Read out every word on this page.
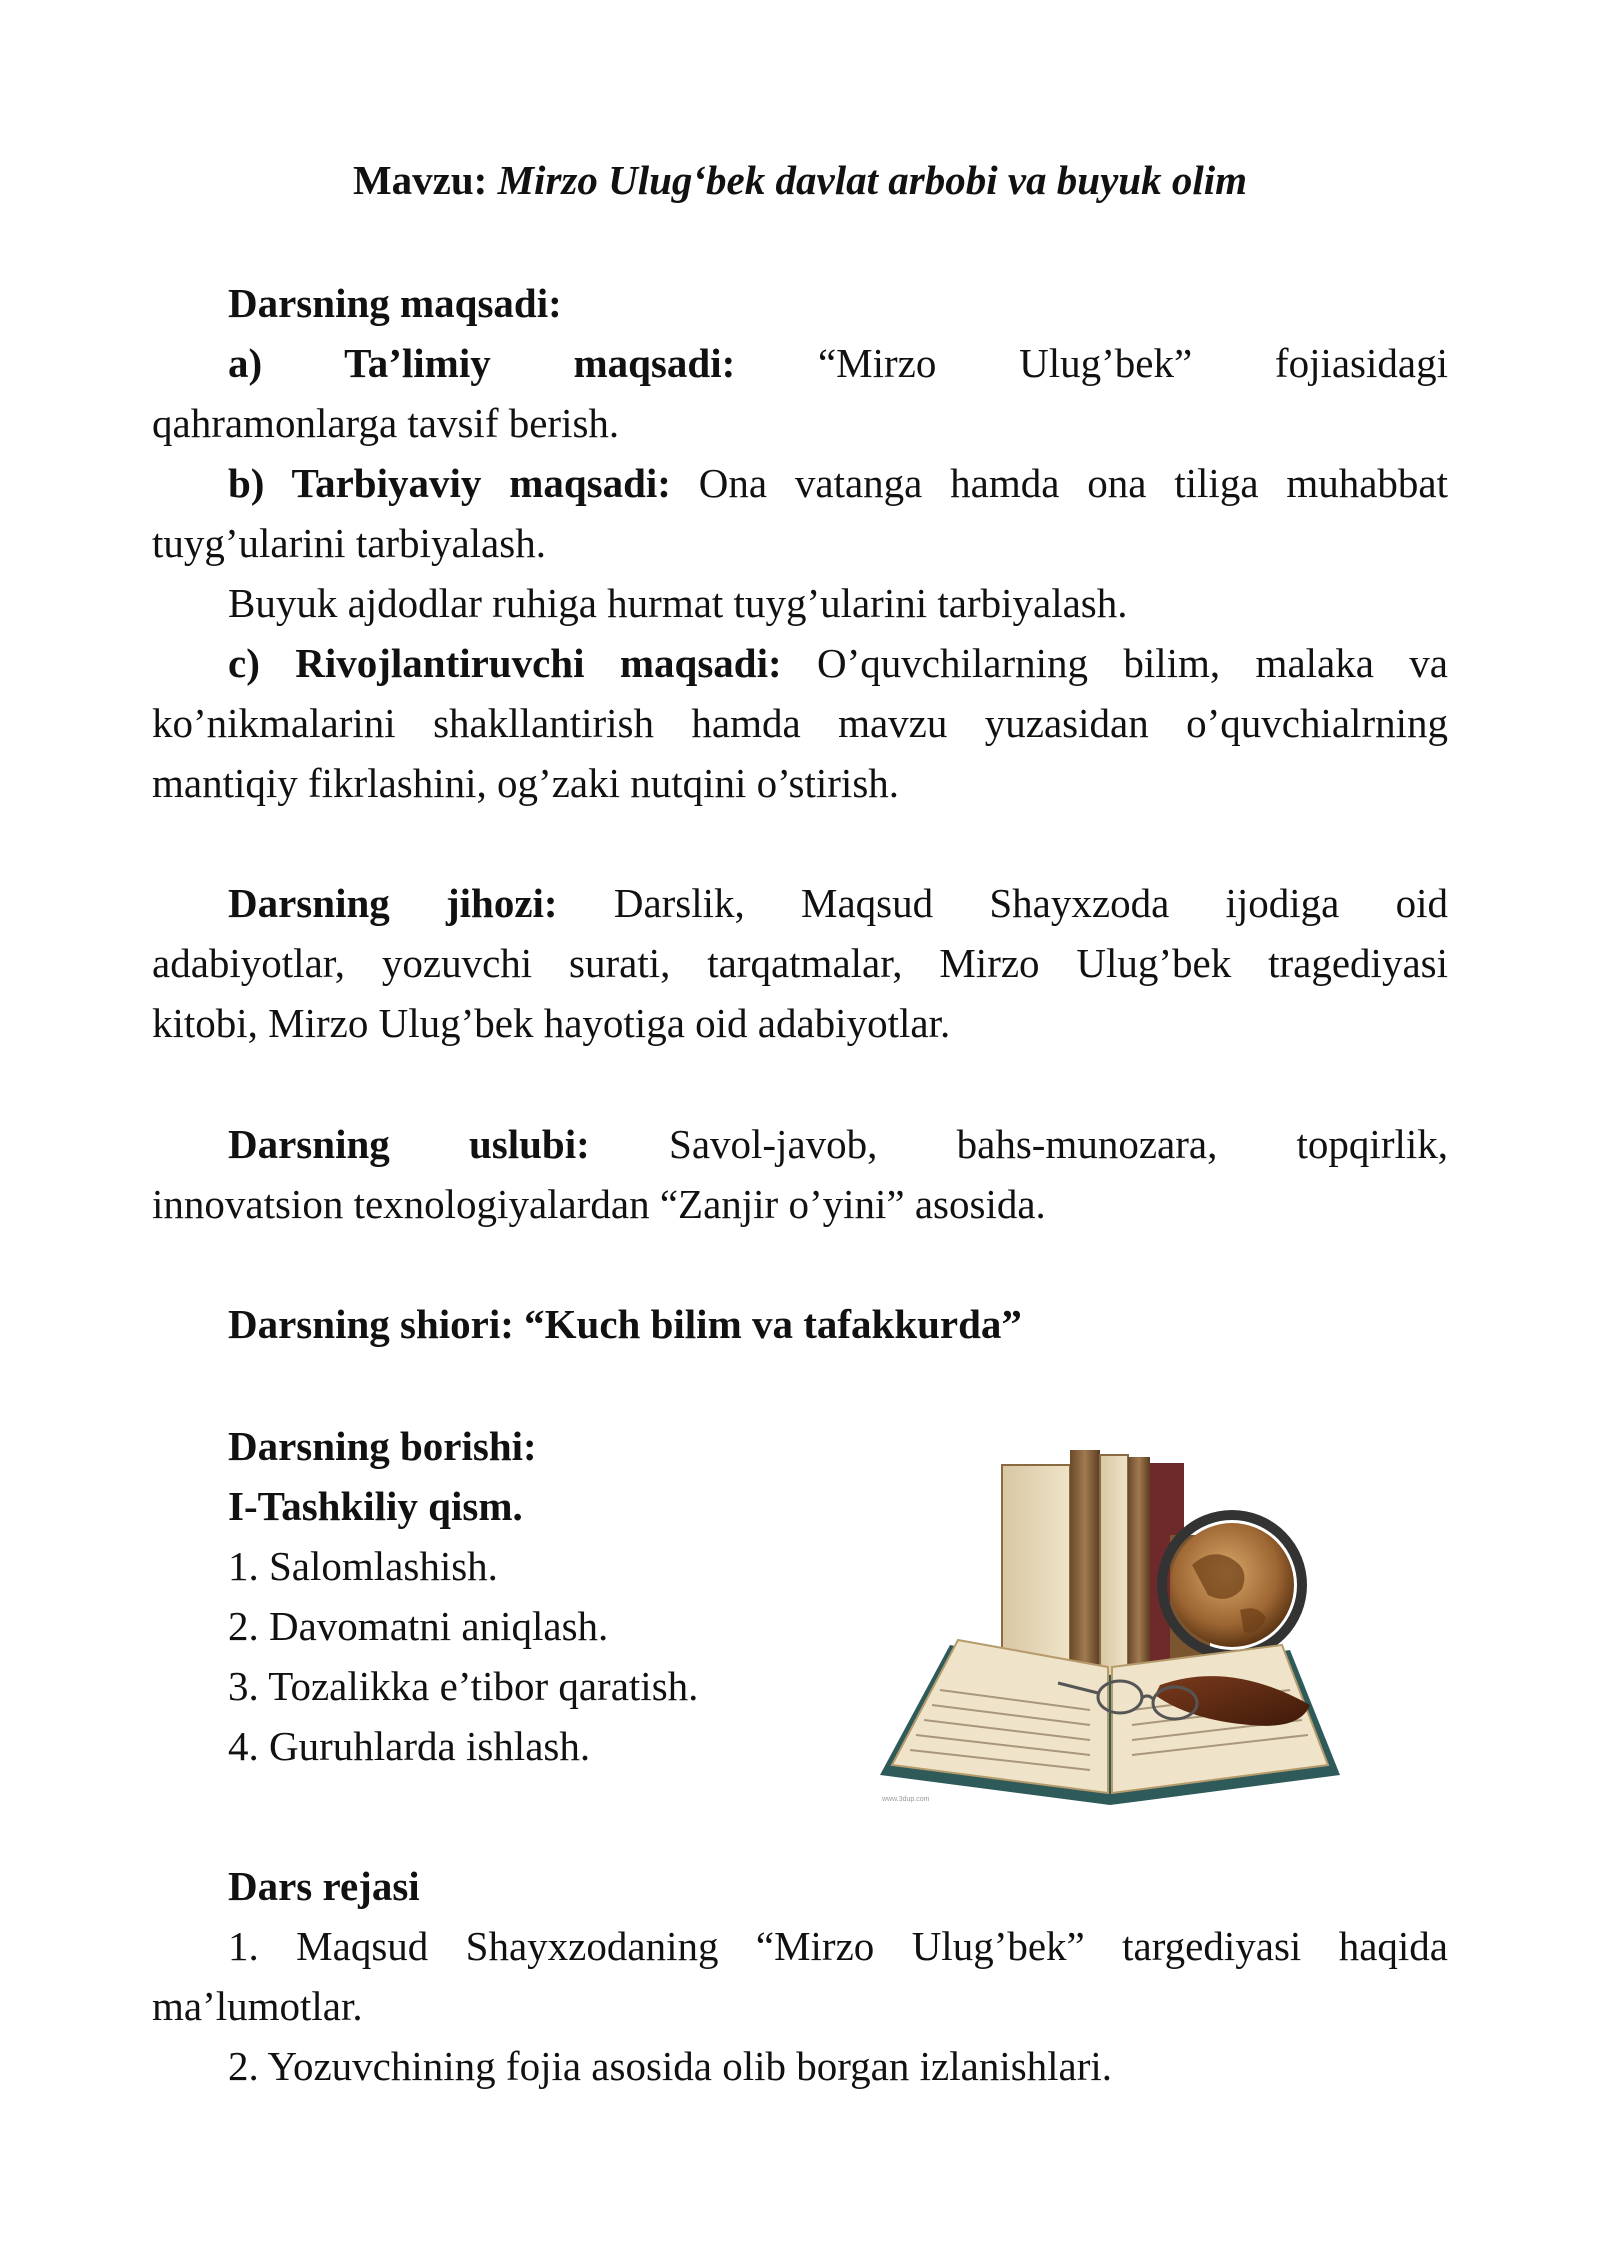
Mavzu: Mirzo Ulug‘bek davlat arbobi va buyuk olim
Darsning maqsadi:
a) Ta’limiy maqsadi: “Mirzo Ulug’bek” fojiasidagi
qahramonlarga tavsif berish.
b) Tarbiyaviy maqsadi: Ona vatanga hamda ona tiliga muhabbat
tuyg’ularini tarbiyalash.
Buyuk ajdodlar ruhiga hurmat tuyg’ularini tarbiyalash.
c) Rivojlantiruvchi maqsadi: O’quvchilarning bilim, malaka va
ko’nikmalarini shakllantirish hamda mavzu yuzasidan o’quvchialrning
mantiqiy fikrlashini, og’zaki nutqini o’stirish.
Darsning jihozi: Darslik, Maqsud Shayxzoda ijodiga oid
adabiyotlar, yozuvchi surati, tarqatmalar, Mirzo Ulug’bek tragediyasi
kitobi, Mirzo Ulug’bek hayotiga oid adabiyotlar.
Darsning uslubi: Savol-javob, bahs-munozara, topqirlik,
innovatsion texnologiyalardan “Zanjir o’yini” asosida.
Darsning shiori: “Kuch bilim va tafakkurda”
Darsning borishi:
I-Tashkiliy qism.
1. Salomlashish.
2. Davomatni aniqlash.
3. Tozalikka e’tibor qaratish.
4. Guruhlarda ishlash.
Dars rejasi
1. Maqsud Shayxzodaning “Mirzo Ulug’bek” targediyasi haqida
ma’lumotlar.
2. Yozuvchining fojia asosida olib borgan izlanishlari.
www.3dup.com
